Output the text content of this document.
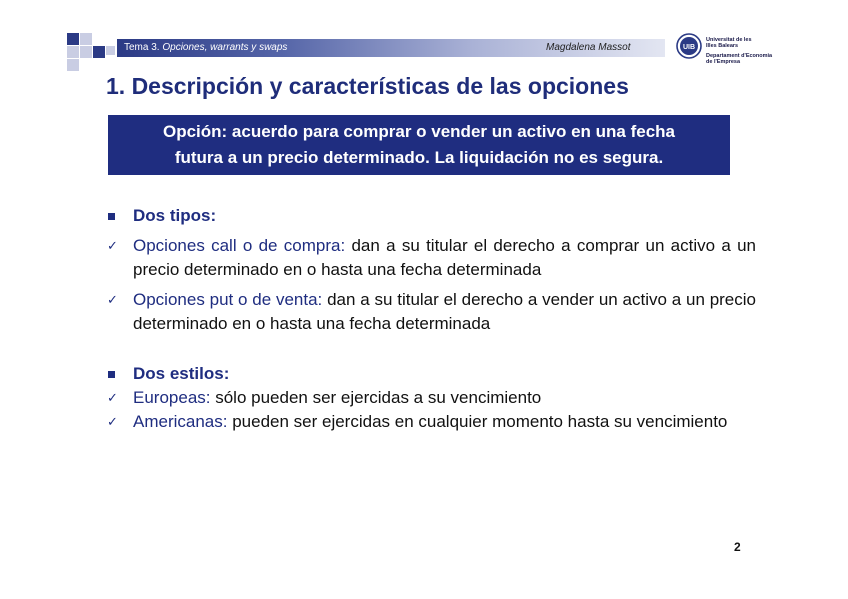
Tema 3. Opciones, warrants y swaps	Magdalena Massot	UIB
Universitat de les
Illes Balears
Departament d'Economia
de l'Empresa
1. Descripción y características de las opciones
Opción: acuerdo para comprar o vender un activo en una fecha
futura a un precio determinado. La liquidación no es segura.
Dos tipos:
✓ Opciones call o de compra: dan a su titular el derecho a comprar un activo a un precio determinado en o hasta una fecha determinada
✓ Opciones put o de venta: dan a su titular el derecho a vender un activo a un precio determinado en o hasta una fecha determinada
Dos estilos:
✓ Europeas: sólo pueden ser ejercidas a su vencimiento
✓ Americanas: pueden ser ejercidas en cualquier momento hasta su vencimiento
2
